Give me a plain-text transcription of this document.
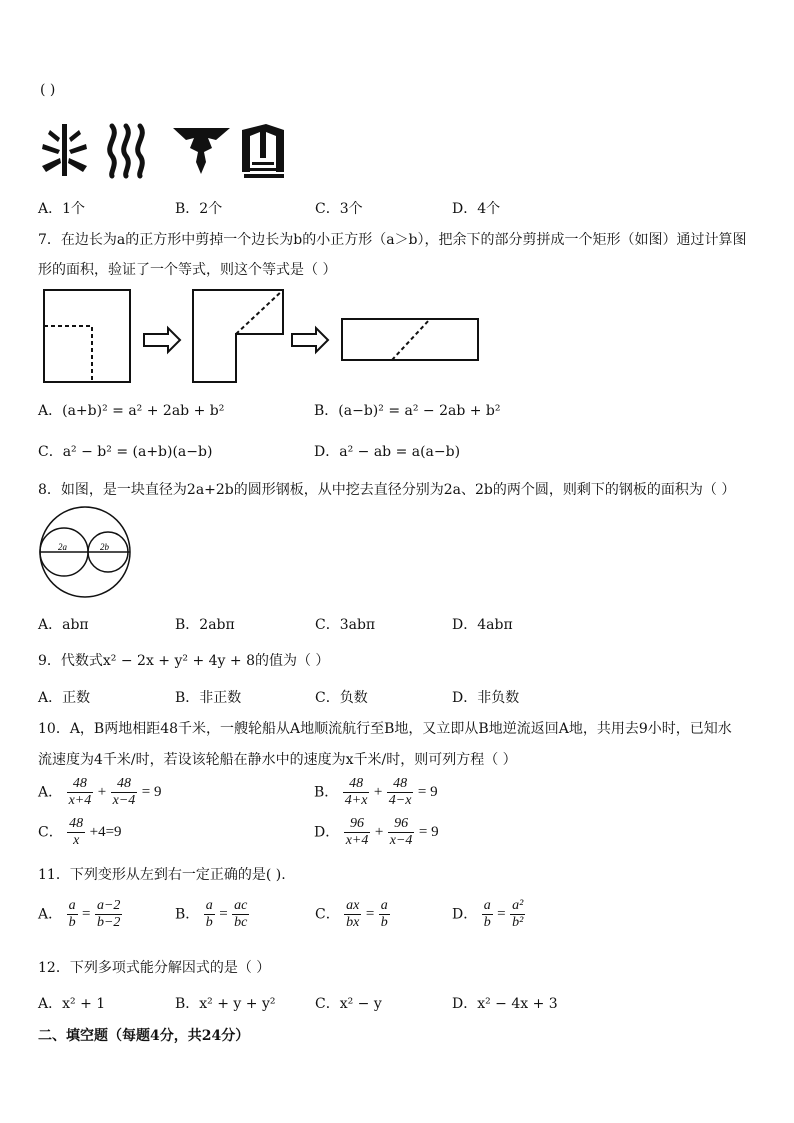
( )
A．1个	B．2个	C．3个	D．4个
7．在边长为a的正方形中剪掉一个边长为b的小正方形（a＞b），把余下的部分剪拼成一个矩形（如图）通过计算图
形的面积，验证了一个等式，则这个等式是（ ）
A．(a+b)² = a² + 2ab + b²	B．(a−b)² = a² − 2ab + b²
C．a² − b² = (a+b)(a−b)	D．a² − ab = a(a−b)
8．如图，是一块直径为2a+2b的圆形钢板，从中挖去直径分别为2a、2b的两个圆，则剩下的钢板的面积为（ ）
2a	2b
A．abπ	B．2abπ	C．3abπ	D．4abπ
9．代数式x² − 2x + y² + 4y + 8的值为（ ）
A．正数	B．非正数	C．负数	D．非负数
10．A，B两地相距48千米，一艘轮船从A地顺流航行至B地，又立即从B地逆流返回A地，共用去9小时，已知水
流速度为4千米/时，若设该轮船在静水中的速度为x千米/时，则可列方程（ ）
A． $\frac{48}{x+4} + \frac{48}{x-4} = 9$	B． $\frac{48}{4+x} + \frac{48}{4-x} = 9$
C． $\frac{48}{x} +4=9$	D． $\frac{96}{x+4} + \frac{96}{x-4} = 9$
11．下列变形从左到右一定正确的是( ).
A． $\frac{a}{b} = \frac{a-2}{b-2}$	B． $\frac{a}{b} = \frac{ac}{bc}$	C． $\frac{ax}{bx} = \frac{a}{b}$	D． $\frac{a}{b} = \frac{\text{a²}}{\text{b²}}$
12．下列多项式能分解因式的是（ ）
A．x² + 1	B．x² + y + y²	C．x² − y	D．x² − 4x + 3
二、填空题（每题4分，共24分）
